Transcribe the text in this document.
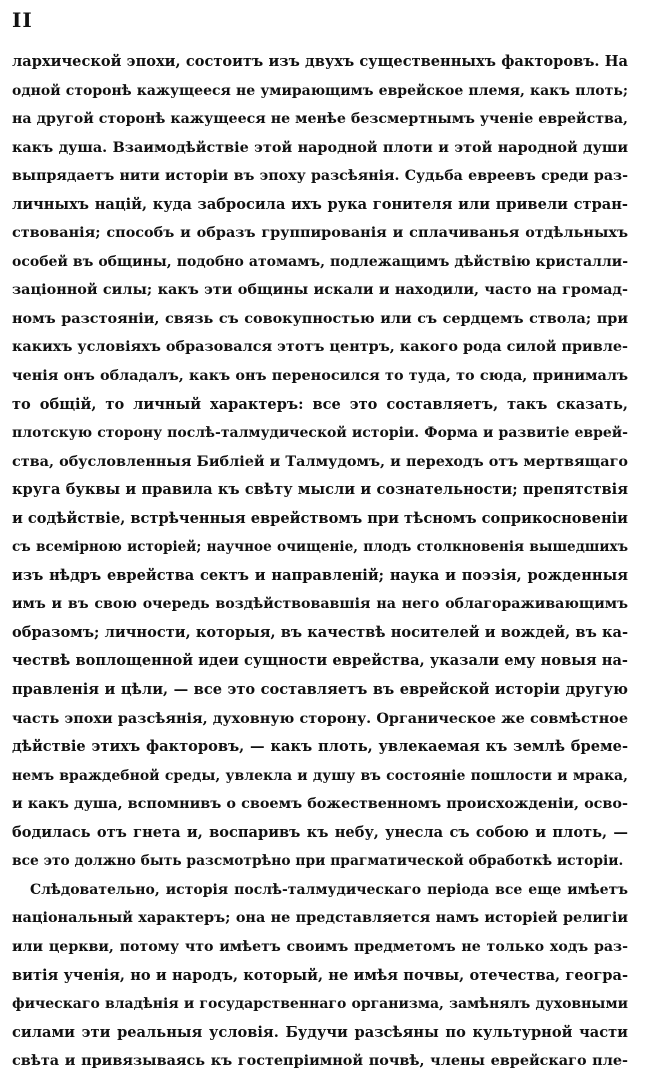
II
лархической эпохи, состоитъ изъ двухъ существенныхъ факторовъ. На
одной сторонѣ кажущееся не умирающимъ еврейское племя, какъ плоть;
на другой сторонѣ кажущееся не менѣе безсмертнымъ ученіе еврейства,
какъ душа. Взаимодѣйствіе этой народной плоти и этой народной души
выпрядаетъ нити исторіи въ эпоху разсѣянія. Судьба евреевъ среди раз-
личныхъ націй, куда забросила ихъ рука гонителя или привели стран-
ствованія; способъ и образъ группированія и сплачиванья отдѣльныхъ
особей въ общины, подобно атомамъ, подлежащимъ дѣйствію кристалли-
заціонной силы; какъ эти общины искали и находили, часто на громад-
номъ разстояніи, связь съ совокупностью или съ сердцемъ ствола; при
какихъ условіяхъ образовался этотъ центръ, какого рода силой привле-
ченія онъ обладалъ, какъ онъ переносился то туда, то сюда, принималъ
то общій, то личный характеръ: все это составляетъ, такъ сказать,
плотскую сторону послѣ-талмудической исторіи. Форма и развитіе еврей-
ства, обусловленныя Библіей и Талмудомъ, и переходъ отъ мертвящаго
круга буквы и правила къ свѣту мысли и сознательности; препятствія
и содѣйствіе, встрѣченныя еврействомъ при тѣсномъ соприкосновеніи
съ всемірною исторіей; научное очищеніе, плодъ столкновенія вышедшихъ
изъ нѣдръ еврейства сектъ и направленій; наука и поэзія, рожденныя
имъ и въ свою очередь воздѣйствовавшія на него облагораживающимъ
образомъ; личности, которыя, въ качествѣ носителей и вождей, въ ка-
чествѣ воплощенной идеи сущности еврейства, указали ему новыя на-
правленія и цѣли, — все это составляетъ въ еврейской исторіи другую
часть эпохи разсѣянія, духовную сторону. Органическое же совмѣстное
дѣйствіе этихъ факторовъ, — какъ плоть, увлекаемая къ землѣ бреме-
немъ враждебной среды, увлекла и душу въ состояніе пошлости и мрака,
и какъ душа, вспомнивъ о своемъ божественномъ происхожденіи, осво-
бодилась отъ гнета и, воспаривъ къ небу, унесла съ собою и плоть, —
все это должно быть разсмотрѣно при прагматической обработкѣ исторіи.
Слѣдовательно, исторія послѣ-талмудическаго періода все еще имѣетъ
національный характеръ; она не представляется намъ исторіей религіи
или церкви, потому что имѣетъ своимъ предметомъ не только ходъ раз-
витія ученія, но и народъ, который, не имѣя почвы, отечества, геогра-
фическаго владѣнія и государственнаго организма, замѣнялъ духовными
силами эти реальныя условія. Будучи разсѣяны по культурной части
свѣта и привязываясь къ гостепріимной почвѣ, члены еврейскаго пле-
